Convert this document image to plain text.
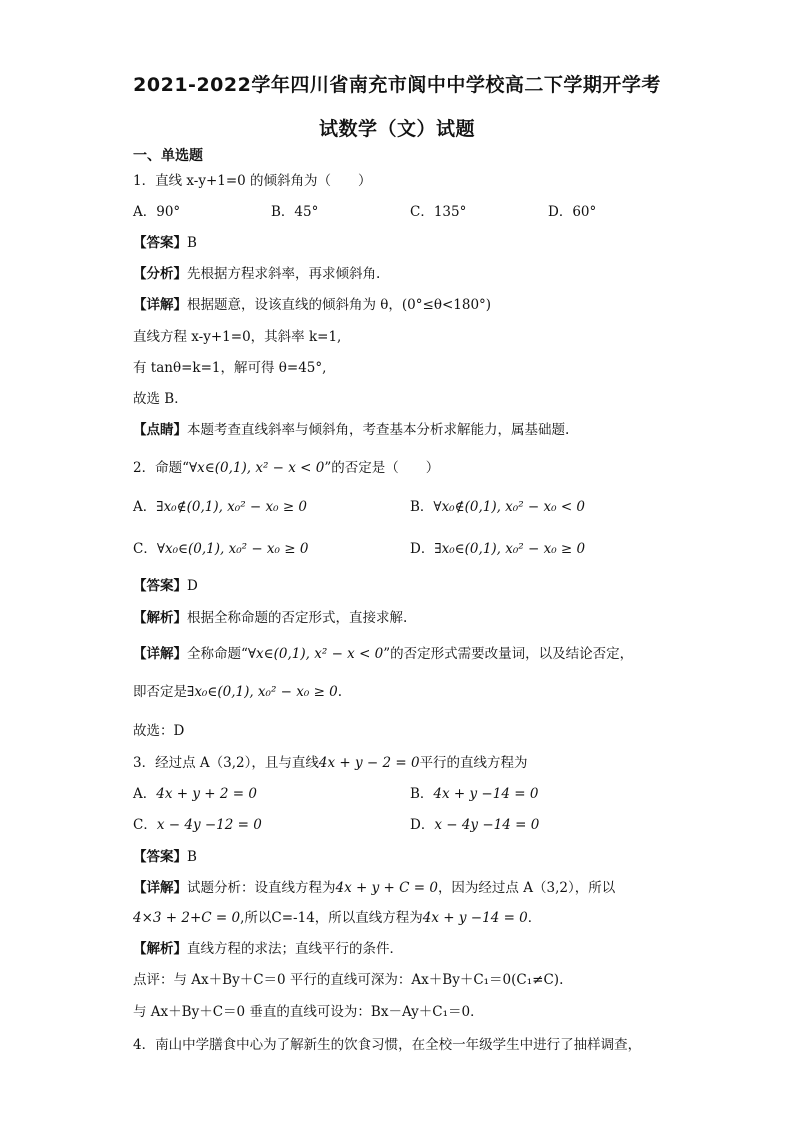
2021-2022学年四川省南充市阆中中学校高二下学期开学考
试数学（文）试题
一、单选题
1．直线 x-y+1=0 的倾斜角为（　　）
A．90°	B．45°	C．135°	D．60°
【答案】B
【分析】先根据方程求斜率，再求倾斜角.
【详解】根据题意，设该直线的倾斜角为 θ，(0°≤θ<180°)
直线方程 x-y+1=0，其斜率 k=1,
有 tanθ=k=1，解可得 θ=45°,
故选 B．
【点睛】本题考查直线斜率与倾斜角，考查基本分析求解能力，属基础题.
2．命题“∀x∈(0,1), x² − x < 0”的否定是（　　）
A．∃x₀∉(0,1), x₀² − x₀ ≥ 0	B．∀x₀∉(0,1), x₀² − x₀ < 0
C．∀x₀∈(0,1), x₀² − x₀ ≥ 0	D．∃x₀∈(0,1), x₀² − x₀ ≥ 0
【答案】D
【解析】根据全称命题的否定形式，直接求解.
【详解】全称命题“∀x∈(0,1), x² − x < 0”的否定形式需要改量词，以及结论否定，
即否定是∃x₀∈(0,1), x₀² − x₀ ≥ 0.
故选：D
3．经过点 A（3,2），且与直线4x + y − 2 = 0平行的直线方程为
A．4x + y + 2 = 0	B．4x + y −14 = 0
C．x − 4y −12 = 0	D．x − 4y −14 = 0
【答案】B
【详解】试题分析：设直线方程为4x + y + C = 0，因为经过点 A（3,2），所以
4×3 + 2+C = 0,所以C=-14，所以直线方程为4x + y −14 = 0．
【解析】直线方程的求法；直线平行的条件．
点评：与 Ax＋By＋C＝0 平行的直线可深为：Ax＋By＋C₁＝0(C₁≠C).
与 Ax＋By＋C＝0 垂直的直线可设为：Bx－Ay＋C₁＝0．
4．南山中学膳食中心为了解新生的饮食习惯，在全校一年级学生中进行了抽样调查，
